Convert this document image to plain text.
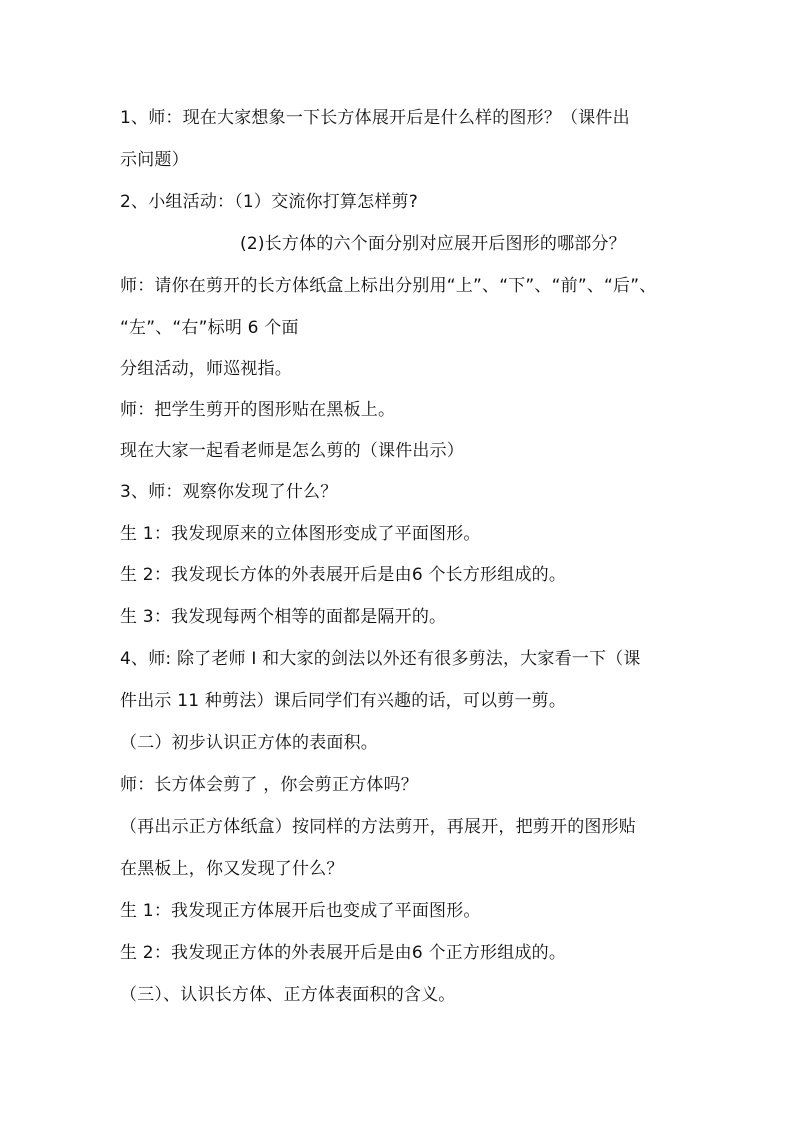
1、师：现在大家想象一下长方体展开后是什么样的图形？（课件出
示问题）
2、小组活动：（1）交流你打算怎样剪?
(2)长方体的六个面分别对应展开后图形的哪部分？
师：请你在剪开的长方体纸盒上标出分别用“上”、“下”、“前”、“后”、
“左”、“右”标明 6 个面
分组活动，师巡视指。
师：把学生剪开的图形贴在黑板上。
现在大家一起看老师是怎么剪的（课件出示）
3、师：观察你发现了什么？
生 1：我发现原来的立体图形变成了平面图形。
生 2：我发现长方体的外表展开后是由6 个长方形组成的。
生 3：我发现每两个相等的面都是隔开的。
4、师: 除了老师 I 和大家的剑法以外还有很多剪法，大家看一下（课
件出示 11 种剪法）课后同学们有兴趣的话，可以剪一剪。
（二）初步认识正方体的表面积。
师：长方体会剪了 ，你会剪正方体吗？
（再出示正方体纸盒）按同样的方法剪开，再展开，把剪开的图形贴
在黑板上，你又发现了什么？
生 1：我发现正方体展开后也变成了平面图形。
生 2：我发现正方体的外表展开后是由6 个正方形组成的。
（三）、认识长方体、正方体表面积的含义。
